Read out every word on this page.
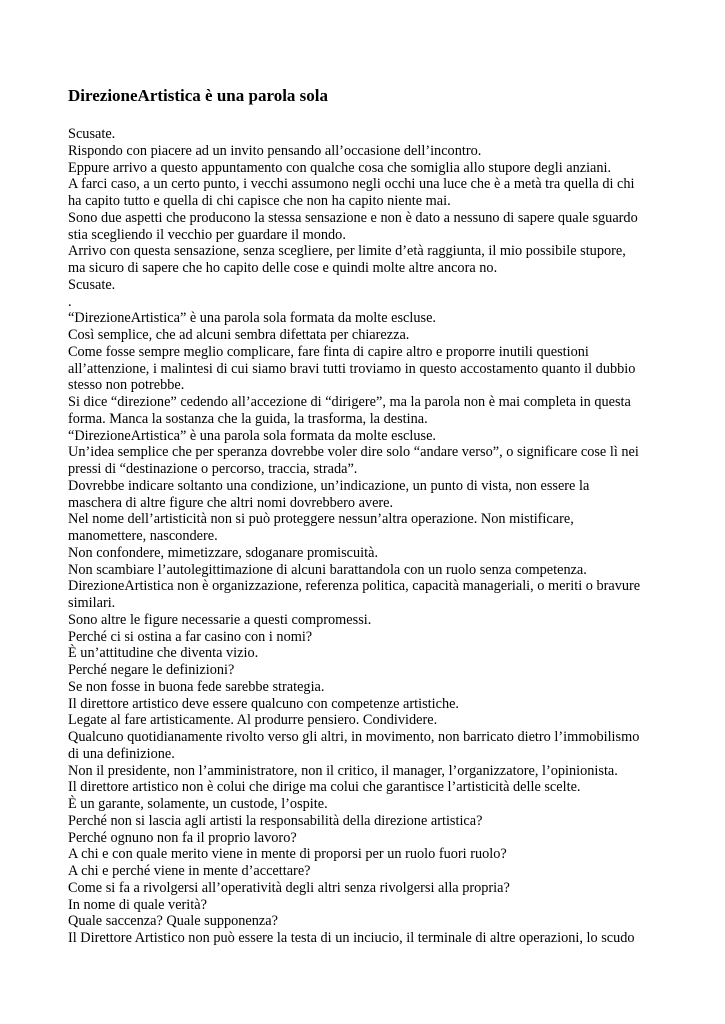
DirezioneArtistica è una parola sola
Scusate.
Rispondo con piacere ad un invito pensando all’occasione dell’incontro.
Eppure arrivo a questo appuntamento con qualche cosa che somiglia allo stupore degli anziani.
A farci caso, a un certo punto, i vecchi assumono negli occhi una luce che è a metà tra quella di chi
ha capito tutto e quella di chi capisce che non ha capito niente mai.
Sono due aspetti che producono la stessa sensazione e non è dato a nessuno di sapere quale sguardo
stia scegliendo il vecchio per guardare il mondo.
Arrivo con questa sensazione, senza scegliere, per limite d’età raggiunta, il mio possibile stupore,
ma sicuro di sapere che ho capito delle cose e quindi molte altre ancora no.
Scusate.
.
“DirezioneArtistica” è una parola sola formata da molte escluse.
Così semplice, che ad alcuni sembra difettata per chiarezza.
Come fosse sempre meglio complicare, fare finta di capire altro e proporre inutili questioni
all’attenzione, i malintesi di cui siamo bravi tutti troviamo in questo accostamento quanto il dubbio
stesso non potrebbe.
Si dice “direzione” cedendo all’accezione di “dirigere”, ma la parola non è mai completa in questa
forma. Manca la sostanza che la guida, la trasforma, la destina.
“DirezioneArtistica” è una parola sola formata da molte escluse.
Un’idea semplice che per speranza dovrebbe voler dire solo “andare verso”, o significare cose lì nei
pressi di “destinazione o percorso, traccia, strada”.
Dovrebbe indicare soltanto una condizione, un’indicazione, un punto di vista, non essere la
maschera di altre figure che altri nomi dovrebbero avere.
Nel nome dell’artisticità non si può proteggere nessun’altra operazione. Non mistificare,
manomettere, nascondere.
Non confondere, mimetizzare, sdoganare promiscuità.
Non scambiare l’autolegittimazione di alcuni barattandola con un ruolo senza competenza.
DirezioneArtistica non è organizzazione, referenza politica, capacità manageriali, o meriti o bravure
similari.
Sono altre le figure necessarie a questi compromessi.
Perché ci si ostina a far casino con i nomi?
È un’attitudine che diventa vizio.
Perché negare le definizioni?
Se non fosse in buona fede sarebbe strategia.
Il direttore artistico deve essere qualcuno con competenze artistiche.
Legate al fare artisticamente. Al produrre pensiero. Condividere.
Qualcuno quotidianamente rivolto verso gli altri, in movimento, non barricato dietro l’immobilismo
di una definizione.
Non il presidente, non l’amministratore, non il critico, il manager, l’organizzatore, l’opinionista.
Il direttore artistico non è colui che dirige ma colui che garantisce l’artisticità delle scelte.
È un garante, solamente, un custode, l’ospite.
Perché non si lascia agli artisti la responsabilità della direzione artistica?
Perché ognuno non fa il proprio lavoro?
A chi e con quale merito viene in mente di proporsi per un ruolo fuori ruolo?
A chi e perché viene in mente d’accettare?
Come si fa a rivolgersi all’operatività degli altri senza rivolgersi alla propria?
In nome di quale verità?
Quale saccenza? Quale supponenza?
Il Direttore Artistico non può essere la testa di un inciucio, il terminale di altre operazioni, lo scudo
